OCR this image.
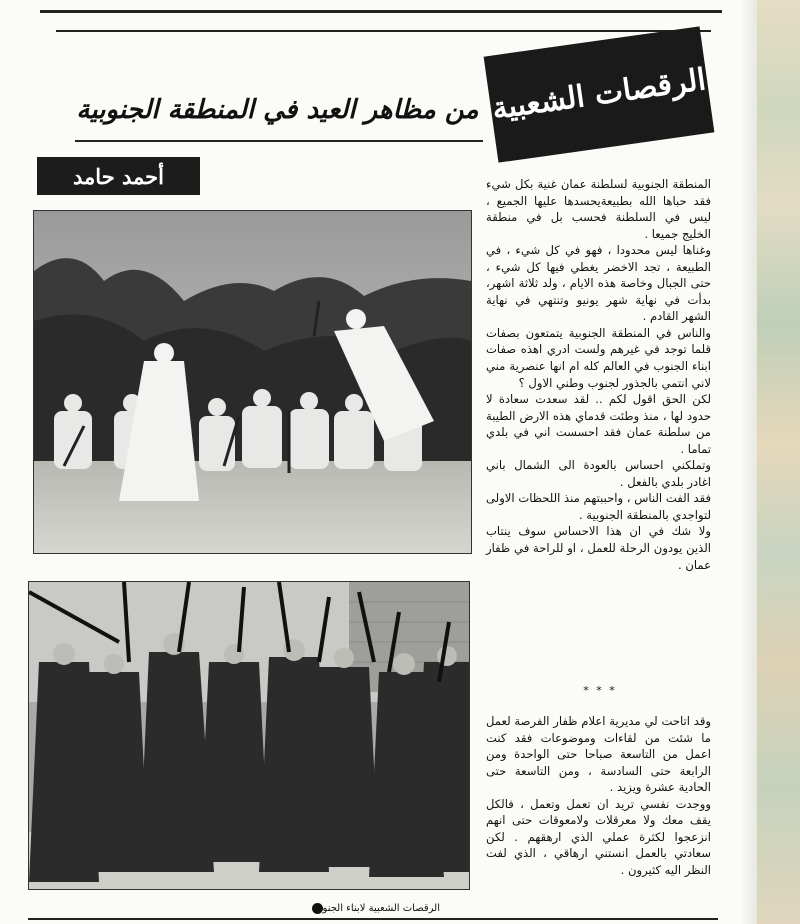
الرقصات الشعبية
من مظاهر العيد في المنطقة الجنوبية
أحمد حامد
الرقصات الشعبية لابناء الجنوب

المنطقة الجنوبية لسلطنة عمان غنية بكل شيء فقد حباها الله بطبيعةيحسدها عليها الجميع ، ليس في السلطنة فحسب بل في منطقة الخليج جميعا .

وغناها ليس محدودا ، فهو في كل شيء ، في الطبيعة ، تجد الاخضر يغطي فيها كل شيء ، حتى الجبال وخاصة هذه الايام ، ولد ثلاثة اشهر، بدأت في نهاية شهر يونيو وتنتهي في نهاية الشهر القادم .

والناس في المنطقة الجنوبية يتمتعون بصفات قلما توجد في غيرهم ولست ادري اهذه صفات ابناء الجنوب في العالم كله ام انها عنصرية مني لاني انتمي بالجذور لجنوب وطني الاول ؟

لكن الحق اقول لكم .. لقد سعدت سعادة لا حدود لها ، منذ وطئت قدماي هذه الارض الطيبة من سلطنة عمان فقد احسست اني في بلدي تماما .

وتملكني احساس بالعودة الى الشمال باني اغادر بلدي بالفعل .

فقد الفت الناس ، واحببتهم منذ اللحظات الاولى لتواجدي بالمنطقة الجنوبية .

ولا شك في ان هذا الاحساس سوف ينتاب الذين يودون الرحلة للعمل ، او للراحة في ظفار عمان .

* * *

وقد اتاحت لي مديرية اعلام ظفار الفرصة لعمل ما شئت من لقاءات وموضوعات فقد كنت اعمل من التاسعة صباحا حتى الواحدة ومن الرابعة حتى السادسة ، ومن التاسعة حتى الحادية عشرة ويزيد .

ووجدت نفسي تريد ان تعمل وتعمل ، فالكل يقف معك ولا معرقلات ولامعوقات حتى انهم انزعجوا لكثرة عملي الذي ارهقهم . لكن سعادتي بالعمل انستني ارهاقي ، الذي لفت النظر اليه كثيرون .
